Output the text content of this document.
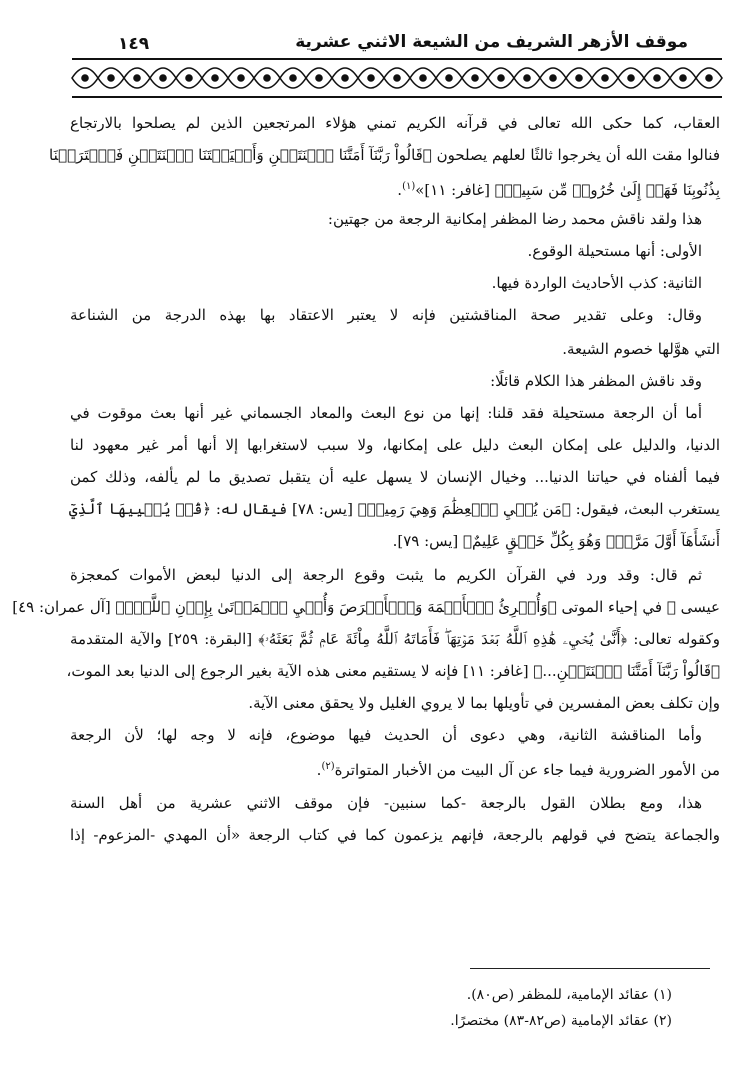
موقف الأزهر الشريف من الشيعة الاثني عشرية
١٤٩
العقاب، كما حكى الله تعالى في قرآنه الكريم تمني هؤلاء المرتجعين الذين لم يصلحوا بالارتجاع
فنالوا مقت الله أن يخرجوا ثالثًا لعلهم يصلحون ﴿قَالُواْ رَبَّنَآ أَمَتَّنَا ٱثۡنَتَيۡنِ وَأَحۡيَيۡتَنَا ٱثۡنَتَيۡنِ فَٱعۡتَرَفۡنَا
بِذُنُوبِنَا فَهَلۡ إِلَىٰ خُرُوجٖ مِّن سَبِيلٖ﴾ [غافر: ١١]»$^{(١)}$.
هذا ولقد ناقش محمد رضا المظفر إمكانية الرجعة من جهتين:
الأولى: أنها مستحيلة الوقوع.
الثانية: كذب الأحاديث الواردة فيها.
وقال: وعلى تقدير صحة المناقشتين فإنه لا يعتبر الاعتقاد بها بهذه الدرجة من الشناعة
التي هوَّلها خصوم الشيعة.
وقد ناقش المظفر هذا الكلام قائلًا:
أما أن الرجعة مستحيلة فقد قلنا: إنها من نوع البعث والمعاد الجسماني غير أنها بعث موقوت في
الدنيا، والدليل على إمكان البعث دليل على إمكانها، ولا سبب لاستغرابها إلا أنها أمر غير معهود لنا
فيما ألفناه في حياتنا الدنيا... وخيال الإنسان لا يسهل عليه أن يتقبل تصديق ما لم يألفه، وذلك كمن
يستغرب البعث، فيقول: ﴿مَن يُحۡيِ ٱلۡعِظَٰمَ وَهِيَ رَمِيمٞ﴾ [يس: ٧٨] فيقال له: ﴿قُلۡ يُحۡيِيهَا ٱلَّذِيٓ
أَنشَأَهَآ أَوَّلَ مَرَّةٖۖ وَهُوَ بِكُلِّ خَلۡقٍ عَلِيمٌ﴾ [يس: ٧٩].
ثم قال: وقد ورد في القرآن الكريم ما يثبت وقوع الرجعة إلى الدنيا لبعض الأموات كمعجزة
عيسى ﷺ في إحياء الموتى ﴿وَأُبۡرِئُ ٱلۡأَكۡمَهَ وَٱلۡأَبۡرَصَ وَأُحۡيِ ٱلۡمَوۡتَىٰ بِإِذۡنِ ٱللَّهِۖ﴾ [آل عمران: ٤٩]
وكقوله تعالى: ﴿أَنَّىٰ يُحۡيِۦ هَٰذِهِ ٱللَّهُ بَعۡدَ مَوۡتِهَاۖ فَأَمَاتَهُ ٱللَّهُ مِاْئَةَ عَامٖ ثُمَّ بَعَثَهُۥ﴾ [البقرة: ٢٥٩] والآية المتقدمة
﴿قَالُواْ رَبَّنَآ أَمَتَّنَا ٱثۡنَتَيۡنِ...﴾ [غافر: ١١] فإنه لا يستقيم معنى هذه الآية بغير الرجوع إلى الدنيا بعد الموت،
وإن تكلف بعض المفسرين في تأويلها بما لا يروي الغليل ولا يحقق معنى الآية.
وأما المناقشة الثانية، وهي دعوى أن الحديث فيها موضوع، فإنه لا وجه لها؛ لأن الرجعة
من الأمور الضرورية فيما جاء عن آل البيت من الأخبار المتواترة$^{(٢)}$.
هذا، ومع بطلان القول بالرجعة -كما سنبين- فإن موقف الاثني عشرية من أهل السنة
والجماعة يتضح في قولهم بالرجعة، فإنهم يزعمون كما في كتاب الرجعة «أن المهدي -المزعوم- إذا
(١) عقائد الإمامية، للمظفر (ص٨٠).
(٢) عقائد الإمامية (ص٨٢-٨٣) مختصرًا.
